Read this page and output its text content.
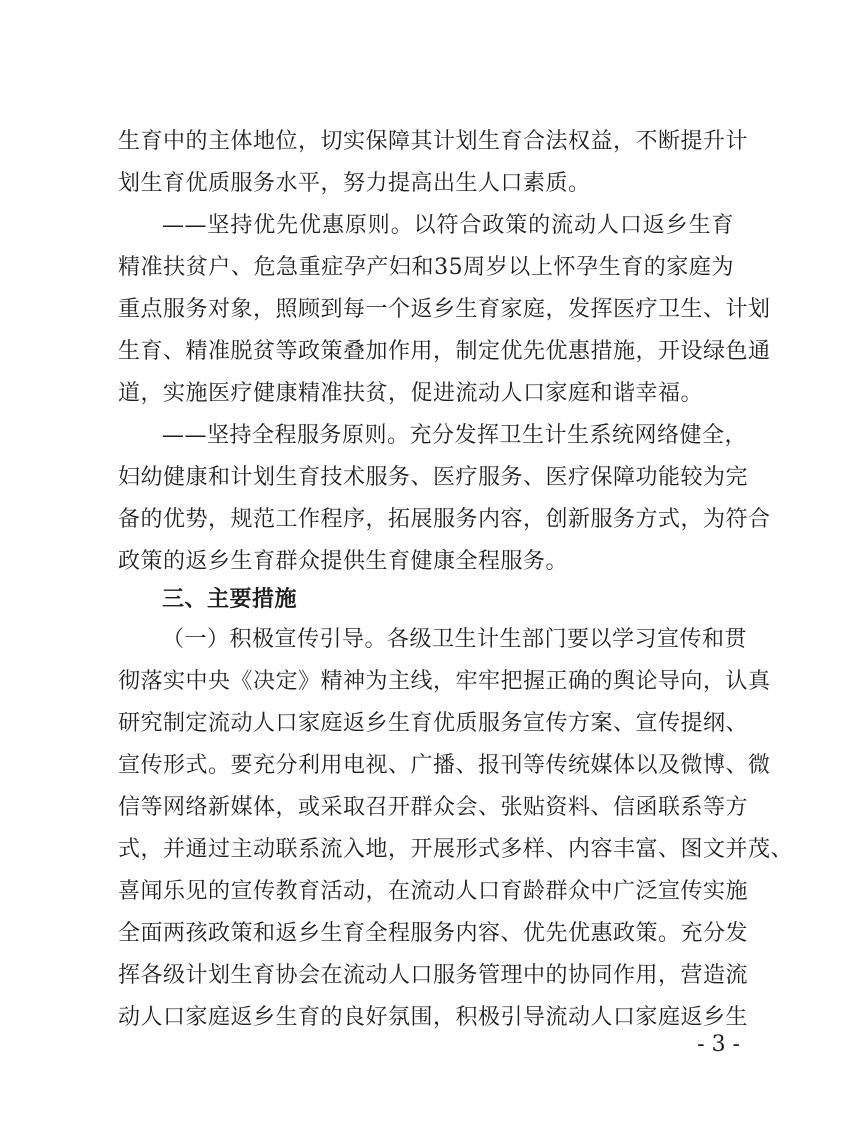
生育中的主体地位，切实保障其计划生育合法权益，不断提升计
划生育优质服务水平，努力提高出生人口素质。
——坚持优先优惠原则。以符合政策的流动人口返乡生育
精准扶贫户、危急重症孕产妇和35周岁以上怀孕生育的家庭为
重点服务对象，照顾到每一个返乡生育家庭，发挥医疗卫生、计划
生育、精准脱贫等政策叠加作用，制定优先优惠措施，开设绿色通
道，实施医疗健康精准扶贫，促进流动人口家庭和谐幸福。
——坚持全程服务原则。充分发挥卫生计生系统网络健全，
妇幼健康和计划生育技术服务、医疗服务、医疗保障功能较为完
备的优势，规范工作程序，拓展服务内容，创新服务方式，为符合
政策的返乡生育群众提供生育健康全程服务。
三、主要措施
（一）积极宣传引导。各级卫生计生部门要以学习宣传和贯
彻落实中央《决定》精神为主线，牢牢把握正确的舆论导向，认真
研究制定流动人口家庭返乡生育优质服务宣传方案、宣传提纲、
宣传形式。要充分利用电视、广播、报刊等传统媒体以及微博、微
信等网络新媒体，或采取召开群众会、张贴资料、信函联系等方
式，并通过主动联系流入地，开展形式多样、内容丰富、图文并茂、
喜闻乐见的宣传教育活动，在流动人口育龄群众中广泛宣传实施
全面两孩政策和返乡生育全程服务内容、优先优惠政策。充分发
挥各级计划生育协会在流动人口服务管理中的协同作用，营造流
动人口家庭返乡生育的良好氛围，积极引导流动人口家庭返乡生
- 3 -
